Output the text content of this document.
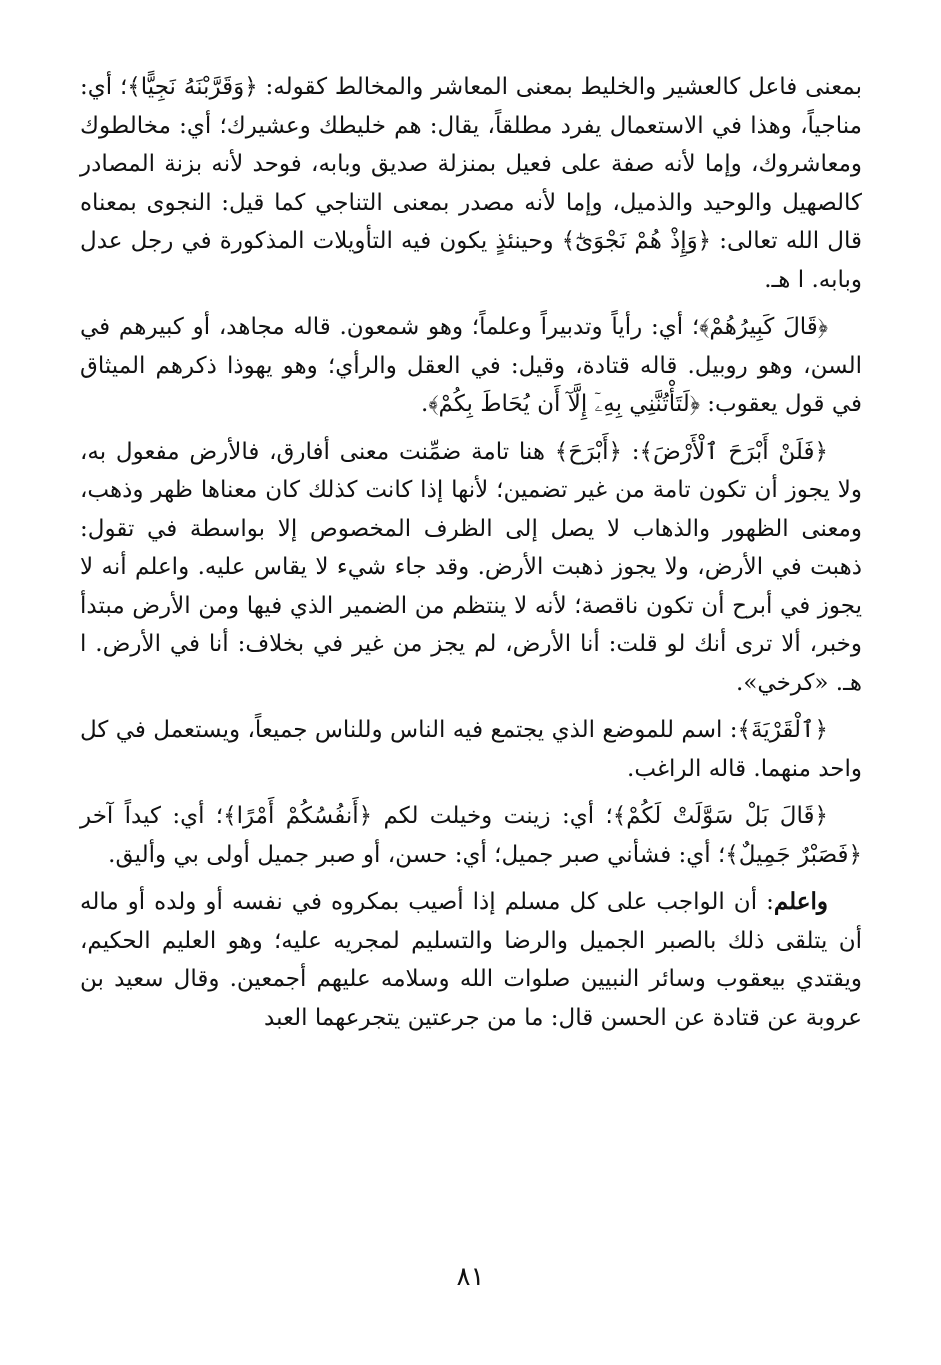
بمعنى فاعل كالعشير والخليط بمعنى المعاشر والمخالط كقوله: ﴿وَقَرَّبْنَهُ نَجِيًّا﴾؛ أي: مناجياً، وهذا في الاستعمال يفرد مطلقاً، يقال: هم خليطك وعشيرك؛ أي: مخالطوك ومعاشروك، وإما لأنه صفة على فعيل بمنزلة صديق وبابه، فوحد لأنه بزنة المصادر كالصهيل والوحيد والذميل، وإما لأنه مصدر بمعنى التناجي كما قيل: النجوى بمعناه قال الله تعالى: ﴿وَإِذْ هُمْ نَجْوَىٰٓ﴾ وحينئذٍ يكون فيه التأويلات المذكورة في رجل عدل وبابه. ا هـ.

﴿قَالَ كَبِيرُهُمْ﴾؛ أي: رأياً وتدبيراً وعلماً؛ وهو شمعون. قاله مجاهد، أو كبيرهم في السن، وهو روبيل. قاله قتادة، وقيل: في العقل والرأي؛ وهو يهوذا ذكرهم الميثاق في قول يعقوب: ﴿لَتَأْتُنَّنِي بِهِۦٓ إِلَّآ أَن يُحَاطَ بِكُمْ﴾.

﴿فَلَنْ أَبْرَحَ ٱلْأَرْضَ﴾: ﴿أَبْرَحَ﴾ هنا تامة ضمِّنت معنى أفارق، فالأرض مفعول به، ولا يجوز أن تكون تامة من غير تضمين؛ لأنها إذا كانت كذلك كان معناها ظهر وذهب، ومعنى الظهور والذهاب لا يصل إلى الظرف المخصوص إلا بواسطة في تقول: ذهبت في الأرض، ولا يجوز ذهبت الأرض. وقد جاء شيء لا يقاس عليه. واعلم أنه لا يجوز في أبرح أن تكون ناقصة؛ لأنه لا ينتظم من الضمير الذي فيها ومن الأرض مبتدأ وخبر، ألا ترى أنك لو قلت: أنا الأرض، لم يجز من غير في بخلاف: أنا في الأرض. ا هـ. «كرخي».

﴿ٱلْقَرْيَةَ﴾: اسم للموضع الذي يجتمع فيه الناس وللناس جميعاً، ويستعمل في كل واحد منهما. قاله الراغب.

﴿قَالَ بَلْ سَوَّلَتْ لَكُمْ﴾؛ أي: زينت وخيلت لكم ﴿أَنفُسُكُمْ أَمْرًا﴾؛ أي: كيداً آخر ﴿فَصَبْرٌ جَمِيلٌ﴾؛ أي: فشأني صبر جميل؛ أي: حسن، أو صبر جميل أولى بي وأليق.

واعلم: أن الواجب على كل مسلم إذا أصيب بمكروه في نفسه أو ولده أو ماله أن يتلقى ذلك بالصبر الجميل والرضا والتسليم لمجريه عليه؛ وهو العليم الحكيم، ويقتدي بيعقوب وسائر النبيين صلوات الله وسلامه عليهم أجمعين. وقال سعيد بن عروبة عن قتادة عن الحسن قال: ما من جرعتين يتجرعهما العبد

٨١
